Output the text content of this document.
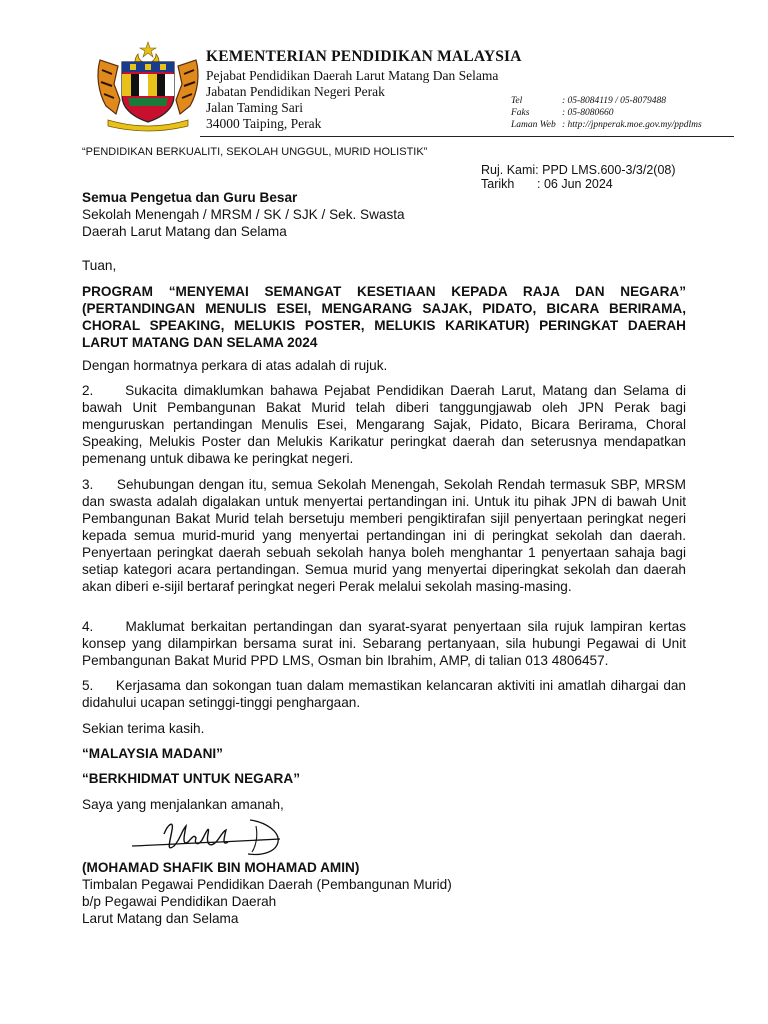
KEMENTERIAN PENDIDIKAN MALAYSIA
Pejabat Pendidikan Daerah Larut Matang Dan Selama
Jabatan Pendidikan Negeri Perak
Jalan Taming Sari
34000 Taiping, Perak
Tel	: 05-8084119 / 05-8079488
Faks	: 05-8080660
Laman Web : http://jpnperak.moe.gov.my/ppdlms
“PENDIDIKAN BERKUALITI, SEKOLAH UNGGUL, MURID HOLISTIK”
Ruj. Kami: PPD LMS.600-3/3/2(08)
Tarikh : 06 Jun 2024
Semua Pengetua dan Guru Besar
Sekolah Menengah / MRSM / SK / SJK / Sek. Swasta
Daerah Larut Matang dan Selama
Tuan,
PROGRAM “MENYEMAI SEMANGAT KESETIAAN KEPADA RAJA DAN NEGARA” (PERTANDINGAN MENULIS ESEI, MENGARANG SAJAK, PIDATO, BICARA BERIRAMA, CHORAL SPEAKING, MELUKIS POSTER, MELUKIS KARIKATUR) PERINGKAT DAERAH LARUT MATANG DAN SELAMA 2024
Dengan hormatnya perkara di atas adalah di rujuk.
2.     Sukacita dimaklumkan bahawa Pejabat Pendidikan Daerah Larut, Matang dan Selama di bawah Unit Pembangunan Bakat Murid telah diberi tanggungjawab oleh JPN Perak bagi menguruskan pertandingan Menulis Esei, Mengarang Sajak, Pidato, Bicara Berirama, Choral Speaking, Melukis Poster dan Melukis Karikatur peringkat daerah dan seterusnya mendapatkan pemenang untuk dibawa ke peringkat negeri.
3.     Sehubungan dengan itu, semua Sekolah Menengah, Sekolah Rendah termasuk SBP, MRSM dan swasta adalah digalakan untuk menyertai pertandingan ini. Untuk itu pihak JPN di bawah Unit Pembangunan Bakat Murid telah bersetuju memberi pengiktirafan sijil penyertaan peringkat negeri kepada semua murid-murid yang menyertai pertandingan ini di peringkat sekolah dan daerah. Penyertaan peringkat daerah sebuah sekolah hanya boleh menghantar 1 penyertaan sahaja bagi setiap kategori acara pertandingan. Semua murid yang menyertai diperingkat sekolah dan daerah akan diberi e-sijil bertaraf peringkat negeri Perak melalui sekolah masing-masing.
4.     Maklumat berkaitan pertandingan dan syarat-syarat penyertaan sila rujuk lampiran kertas konsep yang dilampirkan bersama surat ini. Sebarang pertanyaan, sila hubungi Pegawai di Unit Pembangunan Bakat Murid PPD LMS, Osman bin Ibrahim, AMP, di talian 013 4806457.
5.     Kerjasama dan sokongan tuan dalam memastikan kelancaran aktiviti ini amatlah dihargai dan didahului ucapan setinggi-tinggi penghargaan.
Sekian terima kasih.
“MALAYSIA MADANI”
“BERKHIDMAT UNTUK NEGARA”
Saya yang menjalankan amanah,
(MOHAMAD SHAFIK BIN MOHAMAD AMIN)
Timbalan Pegawai Pendidikan Daerah (Pembangunan Murid)
b/p Pegawai Pendidikan Daerah
Larut Matang dan Selama
